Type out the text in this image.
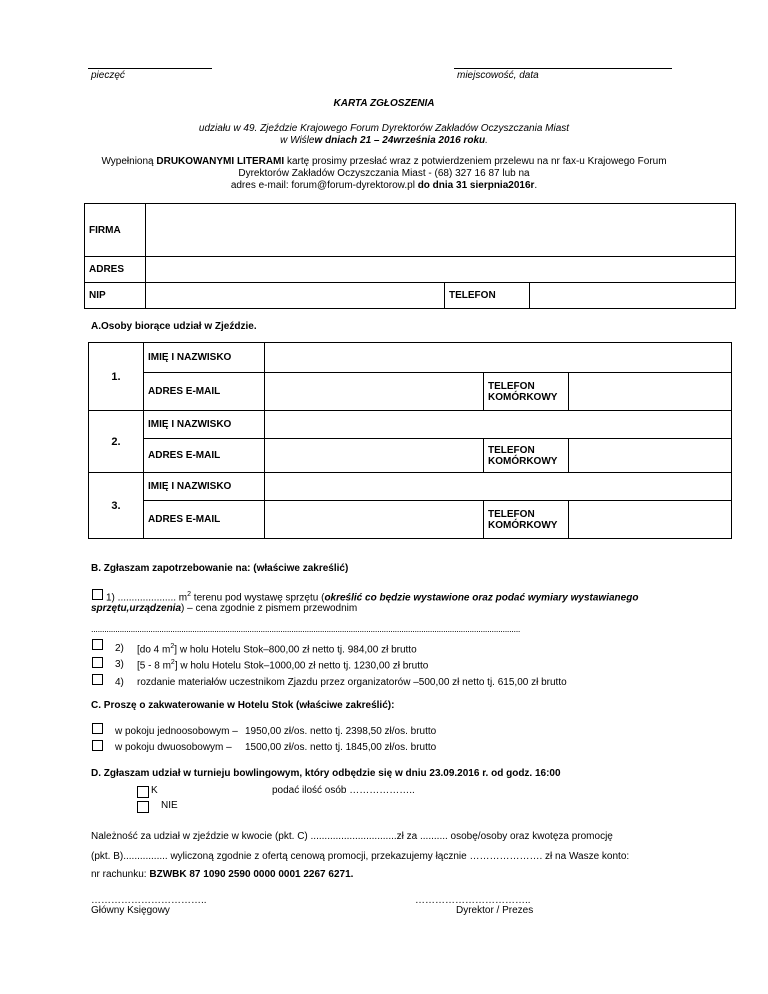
pieczęć	miejscowość, data
KARTA ZGŁOSZENIA
udziału w 49. Zjeździe Krajowego Forum Dyrektorów Zakładów Oczyszczania Miast
w Wiślew dniach 21 – 24września 2016 roku.
Wypełnioną DRUKOWANYMI LITERAMI kartę prosimy przesłać wraz z potwierdzeniem przelewu na nr fax-u Krajowego Forum
Dyrektorów Zakładów Oczyszczania Miast - (68) 327 16 87 lub na
adres e-mail: forum@forum-dyrektorow.pl do dnia 31 sierpnia2016r.
FIRMA			
ADRES			
NIP		TELEFON	
A.Osoby biorące udział w Zjeździe.
1.	IMIĘ I NAZWISKO			
	ADRES E-MAIL		TELEFON
KOMÓRKOWY	
2.	IMIĘ I NAZWISKO			
	ADRES E-MAIL		TELEFON
KOMÓRKOWY	
3.	IMIĘ I NAZWISKO			
	ADRES E-MAIL		TELEFON
KOMÓRKOWY	
B. Zgłaszam zapotrzebowanie na: (właściwe zakreślić)
1) ..................... $m^2$ terenu pod wystawę sprzętu (określić co będzie wystawione oraz podać wymiary wystawianego
sprzętu,urządzenia) – cena zgodnie z pismem przewodnim
...................................................................................................................................................................................................
2) [do 4 $m^2$] w holu Hotelu Stok–800,00 zł netto tj. 984,00 zł brutto
3) [5 - 8 $m^2$] w holu Hotelu Stok–1000,00 zł netto tj. 1230,00 zł brutto
4) rozdanie materiałów uczestnikom Zjazdu przez organizatorów –500,00 zł netto tj. 615,00 zł brutto
C. Proszę o zakwaterowanie w Hotelu Stok (właściwe zakreślić):
w pokoju jednoosobowym – 1950,00 zł/os. netto tj. 2398,50 zł/os. brutto
w pokoju dwuosobowym – 1500,00 zł/os. netto tj. 1845,00 zł/os. brutto
D. Zgłaszam udział w turnieju bowlingowym, który odbędzie się w dniu 23.09.2016 r. od godz. 16:00
K	podać ilość osób ………………..
NIE
Należność za udział w zjeździe w kwocie (pkt. C) ...............................zł za .......... osobę/osoby oraz kwotęza promocję
(pkt. B)................ wyliczoną zgodnie z ofertą cenową promocji, przekazujemy łącznie …………………. zł na Wasze konto:
nr rachunku: BZWBK 87 1090 2590 0000 0001 2267 6271.
……………………………..
Główny Księgowy
……………………………..
Dyrektor / Prezes
